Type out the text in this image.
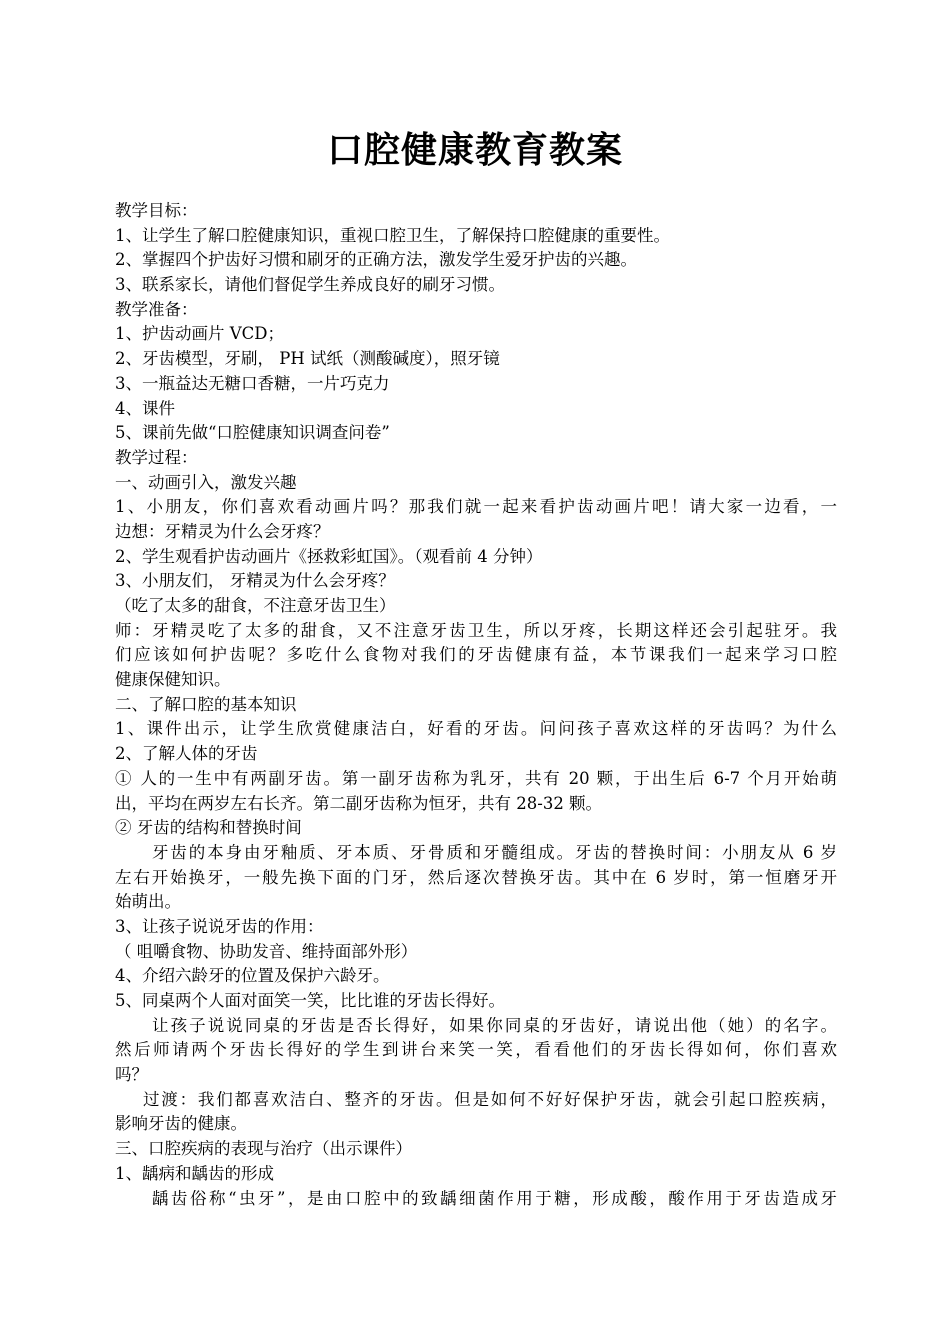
口腔健康教育教案
教学目标：
1、让学生了解口腔健康知识，重视口腔卫生，了解保持口腔健康的重要性。
2、掌握四个护齿好习惯和刷牙的正确方法，激发学生爱牙护齿的兴趣。
3、联系家长，请他们督促学生养成良好的刷牙习惯。
教学准备：
1、护齿动画片 VCD；
2、牙齿模型，牙刷， PH 试纸（测酸碱度），照牙镜
3、一瓶益达无糖口香糖，一片巧克力
4、课件
5、课前先做“口腔健康知识调查问卷”
教学过程：
一、动画引入，激发兴趣
1、小朋友，你们喜欢看动画片吗？那我们就一起来看护齿动画片吧！请大家一边看，一
边想：牙精灵为什么会牙疼？
2、学生观看护齿动画片《拯救彩虹国》。（观看前 4 分钟）
3、小朋友们， 牙精灵为什么会牙疼？
（吃了太多的甜食，不注意牙齿卫生）
师：牙精灵吃了太多的甜食，又不注意牙齿卫生，所以牙疼，长期这样还会引起驻牙。我
们应该如何护齿呢？多吃什么食物对我们的牙齿健康有益，本节课我们一起来学习口腔
健康保健知识。
二、了解口腔的基本知识
1、课件出示，让学生欣赏健康洁白，好看的牙齿。问问孩子喜欢这样的牙齿吗？为什么
2、了解人体的牙齿
① 人的一生中有两副牙齿。第一副牙齿称为乳牙，共有 20 颗，于出生后 6-7 个月开始萌
出，平均在两岁左右长齐。第二副牙齿称为恒牙，共有 28-32 颗。
② 牙齿的结构和替换时间
牙齿的本身由牙釉质、牙本质、牙骨质和牙髓组成。牙齿的替换时间：小朋友从 6 岁
左右开始换牙，一般先换下面的门牙，然后逐次替换牙齿。其中在 6 岁时，第一恒磨牙开
始萌出。
3、让孩子说说牙齿的作用：
（ 咀嚼食物、协助发音、维持面部外形）
4、介绍六龄牙的位置及保护六龄牙。
5、同桌两个人面对面笑一笑，比比谁的牙齿长得好。
让孩子说说同桌的牙齿是否长得好，如果你同桌的牙齿好，请说出他（她）的名字。
然后师请两个牙齿长得好的学生到讲台来笑一笑，看看他们的牙齿长得如何，你们喜欢
吗？
过渡：我们都喜欢洁白、整齐的牙齿。但是如何不好好保护牙齿，就会引起口腔疾病，
影响牙齿的健康。
三、口腔疾病的表现与治疗（出示课件）
1、龋病和龋齿的形成
龋齿俗称“虫牙”，是由口腔中的致龋细菌作用于糖，形成酸，酸作用于牙齿造成牙
